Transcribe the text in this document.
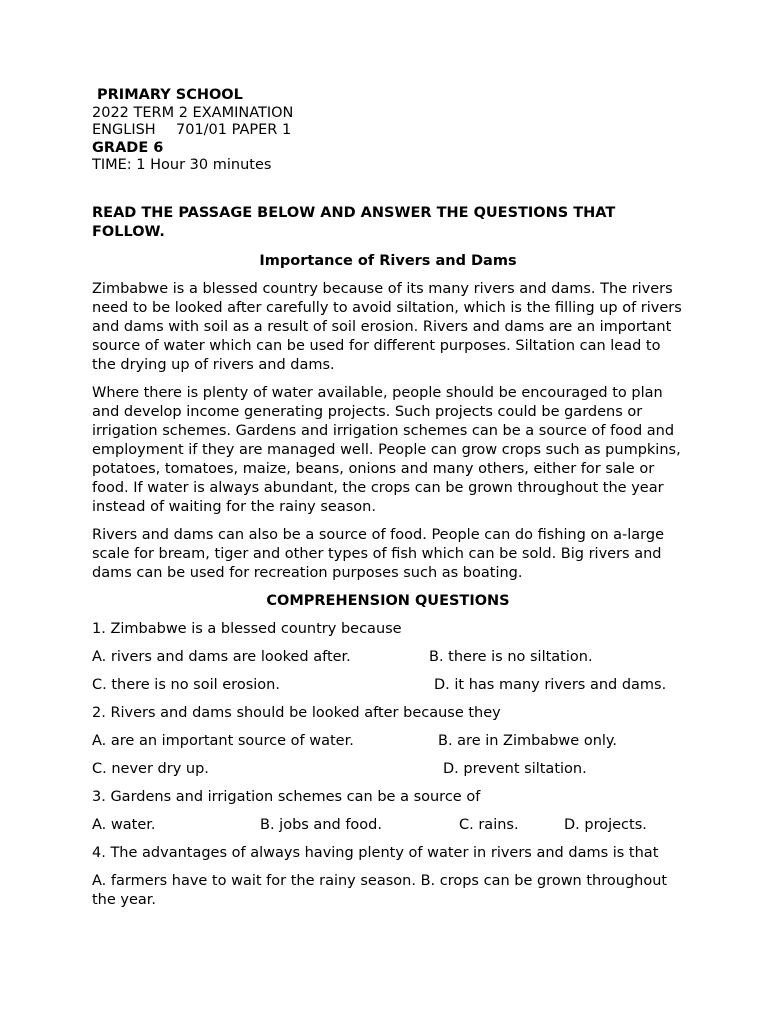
PRIMARY SCHOOL
2022 TERM 2 EXAMINATION
ENGLISH 701/01 PAPER 1
GRADE 6
TIME: 1 Hour 30 minutes
READ THE PASSAGE BELOW AND ANSWER THE QUESTIONS THAT FOLLOW.
Importance of Rivers and Dams
Zimbabwe is a blessed country because of its many rivers and dams. The rivers need to be looked after carefully to avoid siltation, which is the filling up of rivers and dams with soil as a result of soil erosion. Rivers and dams are an important source of water which can be used for different purposes. Siltation can lead to the drying up of rivers and dams.
Where there is plenty of water available, people should be encouraged to plan and develop income generating projects. Such projects could be gardens or irrigation schemes. Gardens and irrigation schemes can be a source of food and employment if they are managed well. People can grow crops such as pumpkins, potatoes, tomatoes, maize, beans, onions and many others, either for sale or food. If water is always abundant, the crops can be grown throughout the year instead of waiting for the rainy season.
Rivers and dams can also be a source of food. People can do fishing on a-large scale for bream, tiger and other types of fish which can be sold. Big rivers and dams can be used for recreation purposes such as boating.
COMPREHENSION QUESTIONS
1. Zimbabwe is a blessed country because
A. rivers and dams are looked after.	B. there is no siltation.
C. there is no soil erosion.	D. it has many rivers and dams.
2. Rivers and dams should be looked after because they
A. are an important source of water.	B. are in Zimbabwe only.
C. never dry up.	D. prevent siltation.
3. Gardens and irrigation schemes can be a source of
A. water.	B. jobs and food.	C. rains.	D. projects.
4. The advantages of always having plenty of water in rivers and dams is that
A. farmers have to wait for the rainy season. B. crops can be grown throughout the year.
